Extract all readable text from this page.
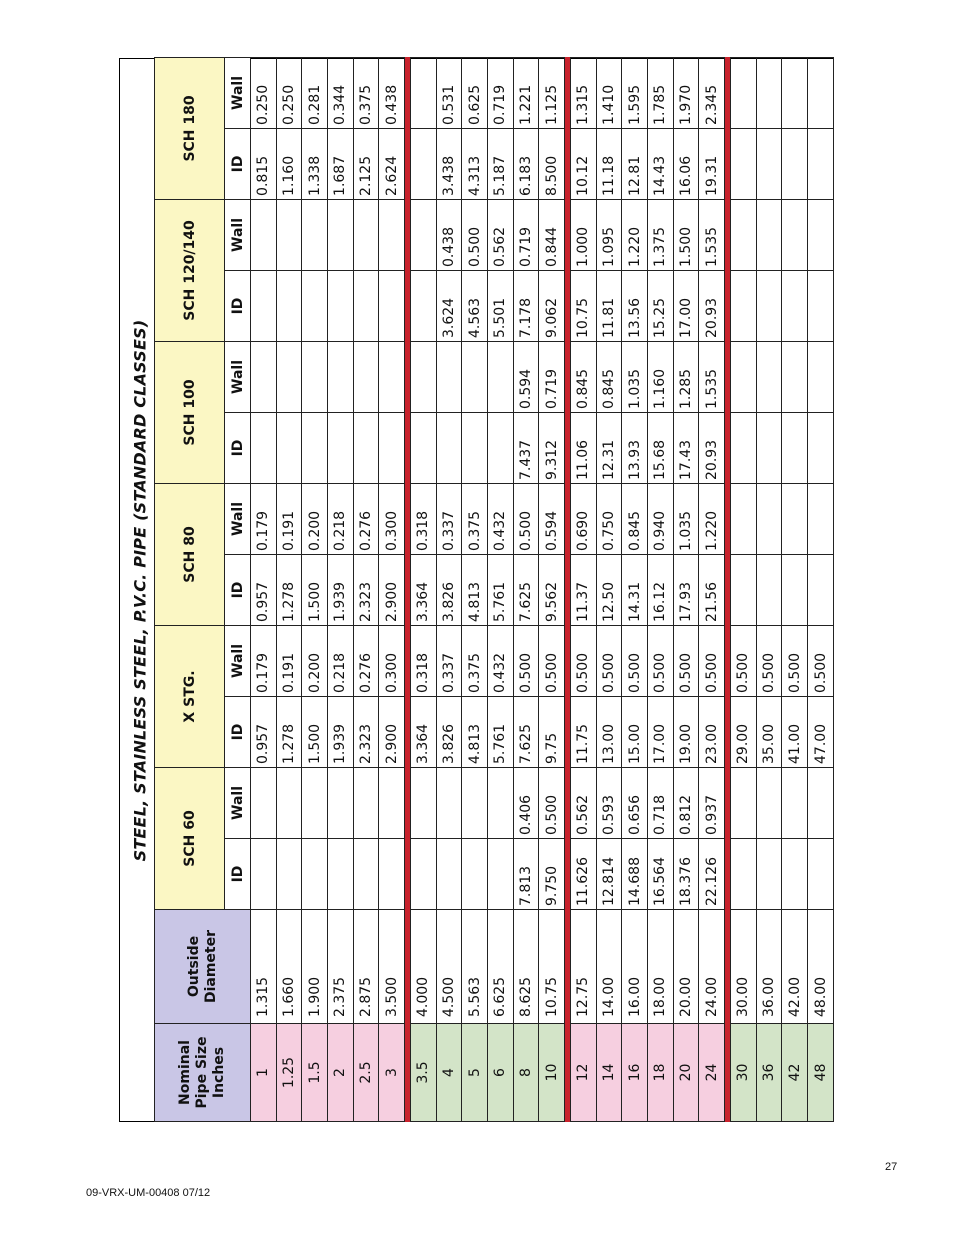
STEEL, STAINLESS STEEL, P.V.C. PIPE (STANDARD CLASSES)
Nominal Pipe Size Inches	Outside Diameter	SCH 60		X STG.		SCH 80		SCH 100		SCH 120/140		SCH 180	
		ID	Wall	ID	Wall	ID	Wall	ID	Wall	ID	Wall	ID	Wall
1	1.315			0.957	0.179	0.957	0.179					0.815	0.250
1.25	1.660			1.278	0.191	1.278	0.191					1.160	0.250
1.5	1.900			1.500	0.200	1.500	0.200					1.338	0.281
2	2.375			1.939	0.218	1.939	0.218					1.687	0.344
2.5	2.875			2.323	0.276	2.323	0.276					2.125	0.375
3	3.500			2.900	0.300	2.900	0.300					2.624	0.438

3.5	4.000			3.364	0.318	3.364	0.318						
4	4.500			3.826	0.337	3.826	0.337			3.624	0.438	3.438	0.531
5	5.563			4.813	0.375	4.813	0.375			4.563	0.500	4.313	0.625
6	6.625			5.761	0.432	5.761	0.432			5.501	0.562	5.187	0.719
8	8.625	7.813	0.406	7.625	0.500	7.625	0.500	7.437	0.594	7.178	0.719	6.183	1.221
10	10.75	9.750	0.500	9.75	0.500	9.562	0.594	9.312	0.719	9.062	0.844	8.500	1.125

12	12.75	11.626	0.562	11.75	0.500	11.37	0.690	11.06	0.845	10.75	1.000	10.12	1.315
14	14.00	12.814	0.593	13.00	0.500	12.50	0.750	12.31	0.845	11.81	1.095	11.18	1.410
16	16.00	14.688	0.656	15.00	0.500	14.31	0.845	13.93	1.035	13.56	1.220	12.81	1.595
18	18.00	16.564	0.718	17.00	0.500	16.12	0.940	15.68	1.160	15.25	1.375	14.43	1.785
20	20.00	18.376	0.812	19.00	0.500	17.93	1.035	17.43	1.285	17.00	1.500	16.06	1.970
24	24.00	22.126	0.937	23.00	0.500	21.56	1.220	20.93	1.535	20.93	1.535	19.31	2.345

30	30.00			29.00	0.500								
36	36.00			35.00	0.500								
42	42.00			41.00	0.500								
48	48.00			47.00	0.500								
09-VRX-UM-00408 07/12
27
